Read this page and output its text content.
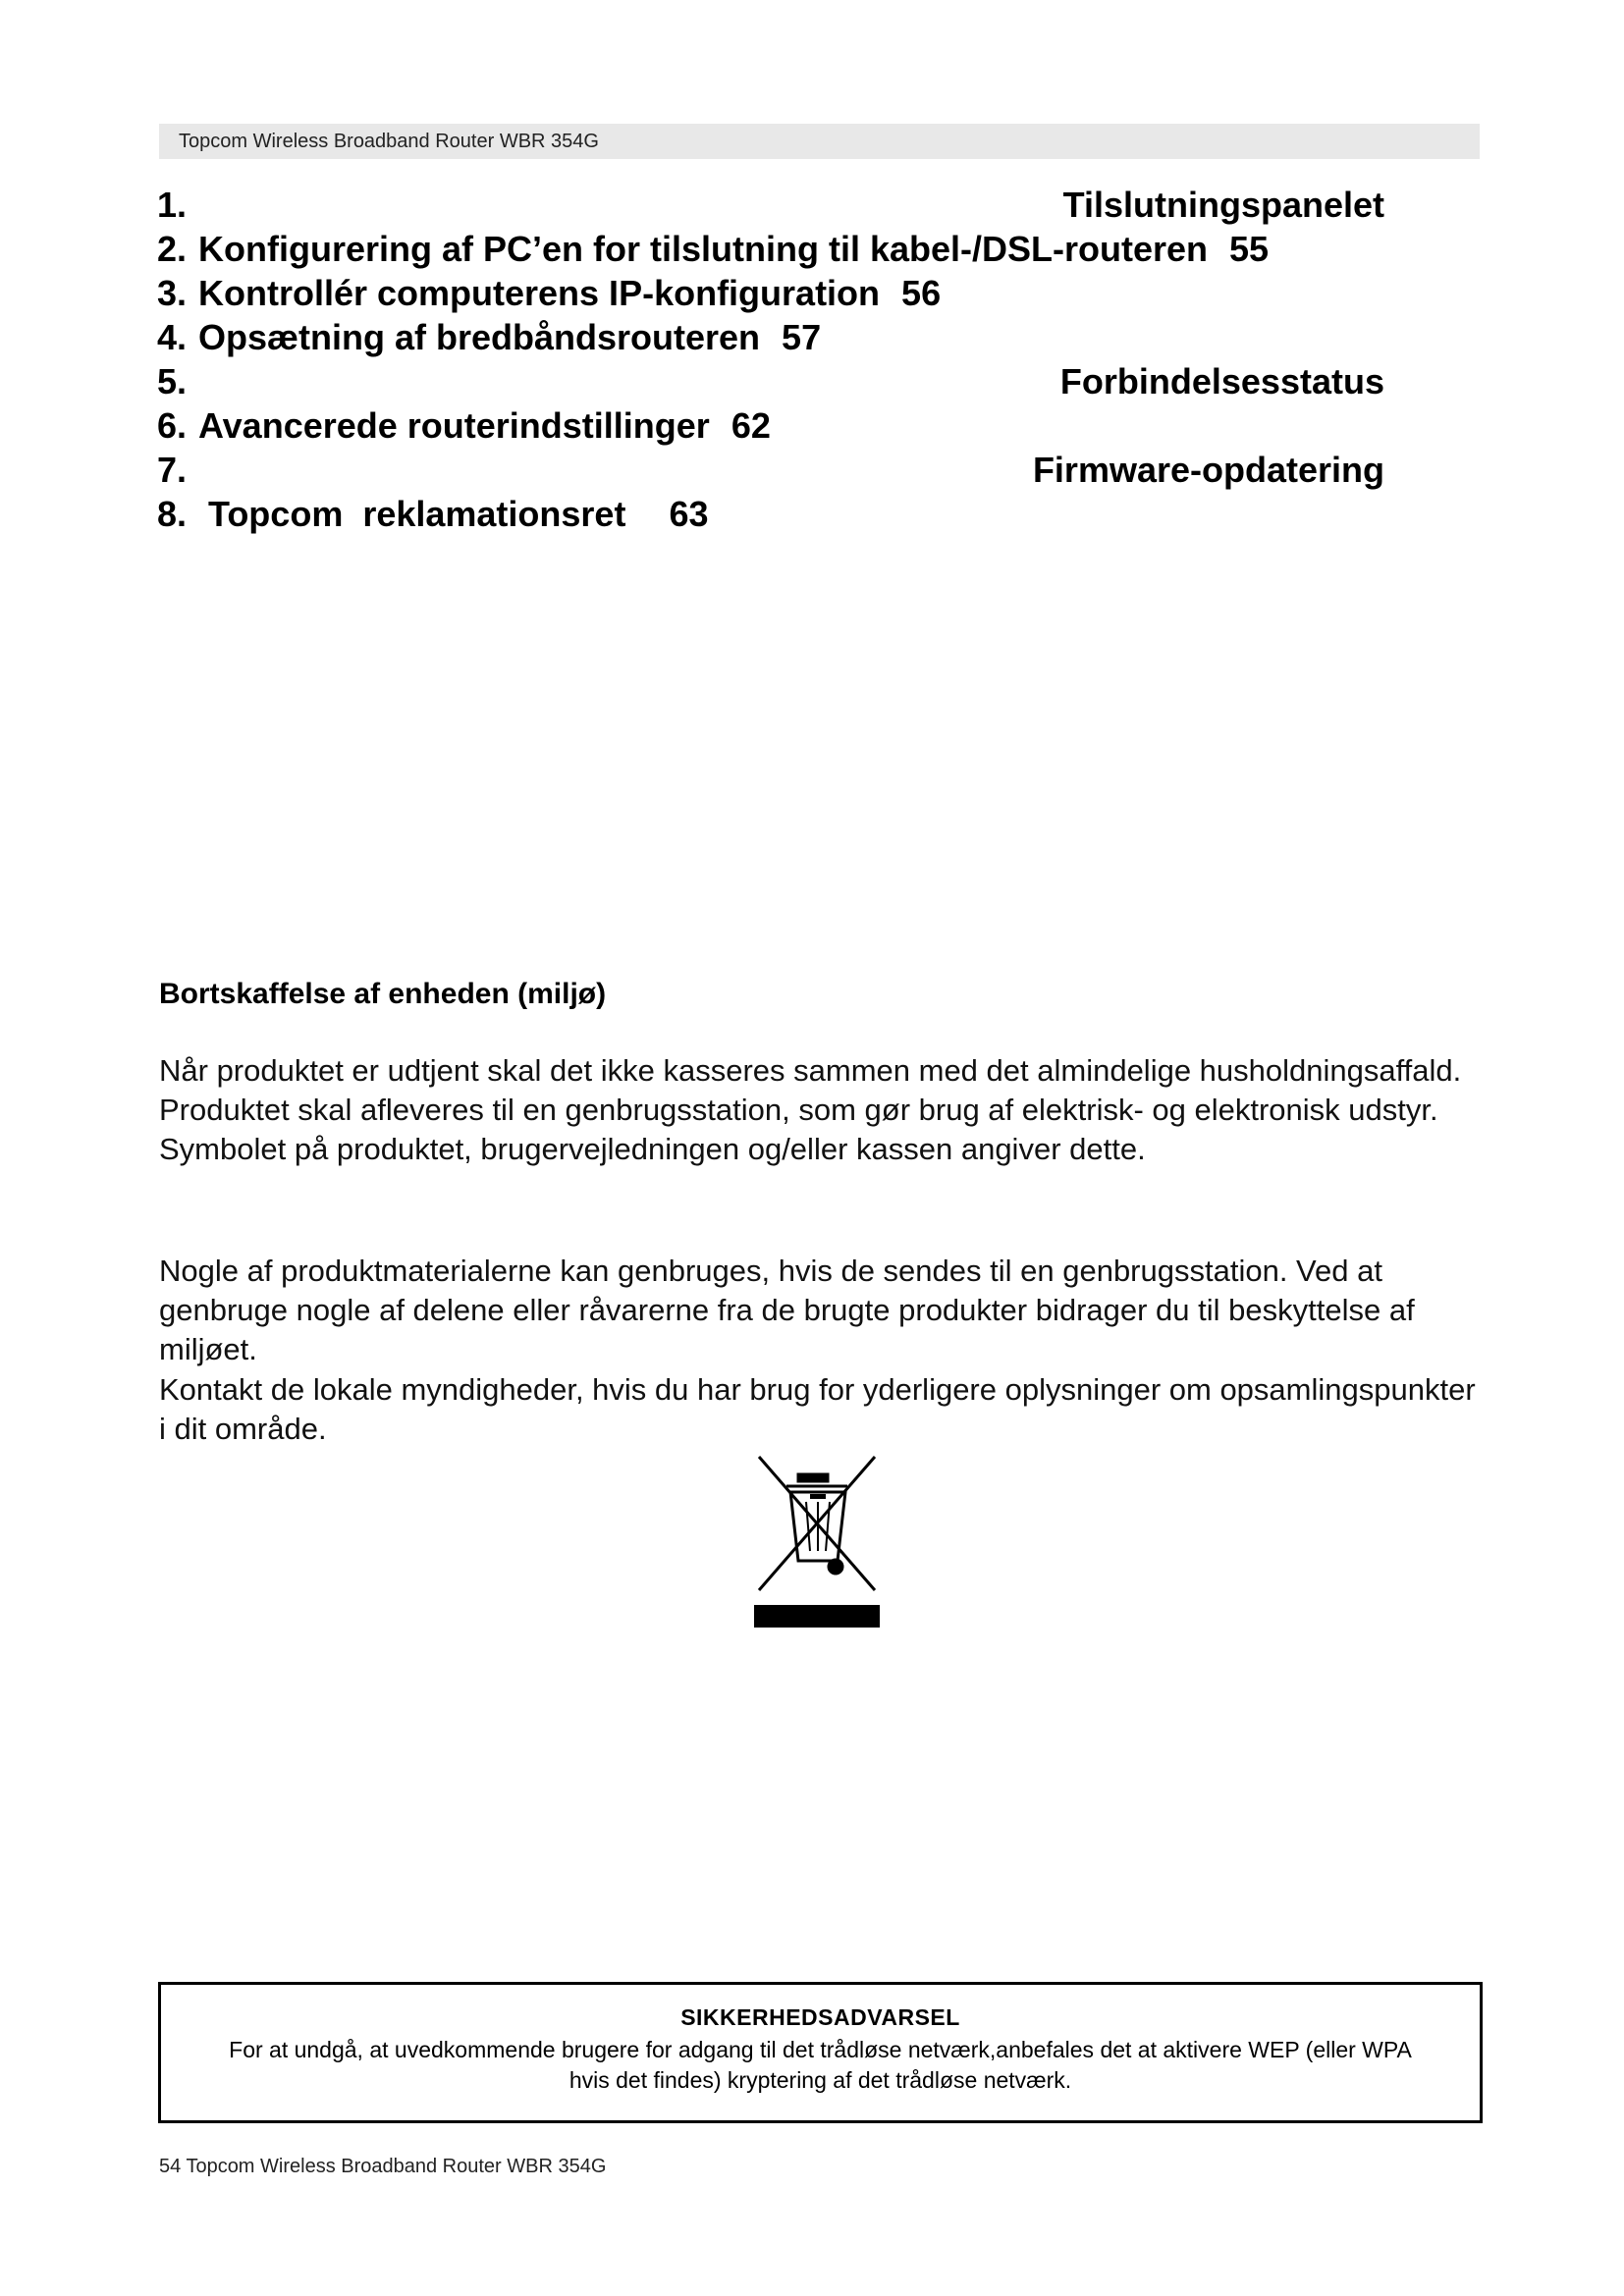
Topcom Wireless Broadband Router WBR 354G
1.	Tilslutningspanelet
2. Konfigurering af PC’en for tilslutning til kabel-/DSL-routeren 55
3. Kontrollér computerens IP-konfiguration 56
4. Opsætning af bredbåndsrouteren 57
5.	Forbindelsesstatus
6. Avancerede routerindstillinger 62
7.	Firmware-opdatering
8. Topcom  reklamationsret 63
Bortskaffelse af enheden (miljø)
Når produktet er udtjent skal det ikke kasseres sammen med det almindelige husholdningsaffald. Produktet skal afleveres til en genbrugsstation, som gør brug af elektrisk- og elektronisk udstyr. Symbolet på produktet, brugervejledningen og/eller kassen angiver dette.
Nogle af produktmaterialerne kan genbruges, hvis de sendes til en genbrugsstation. Ved at genbruge nogle af delene eller råvarerne fra de brugte produkter bidrager du til beskyttelse af miljøet.
Kontakt de lokale myndigheder, hvis du har brug for yderligere oplysninger om opsamlingspunkter i dit område.
SIKKERHEDSADVARSEL
For at undgå, at uvedkommende brugere for adgang til det trådløse netværk,anbefales det at aktivere WEP (eller WPA hvis det findes) kryptering af det trådløse netværk.
54 Topcom Wireless Broadband Router WBR 354G
